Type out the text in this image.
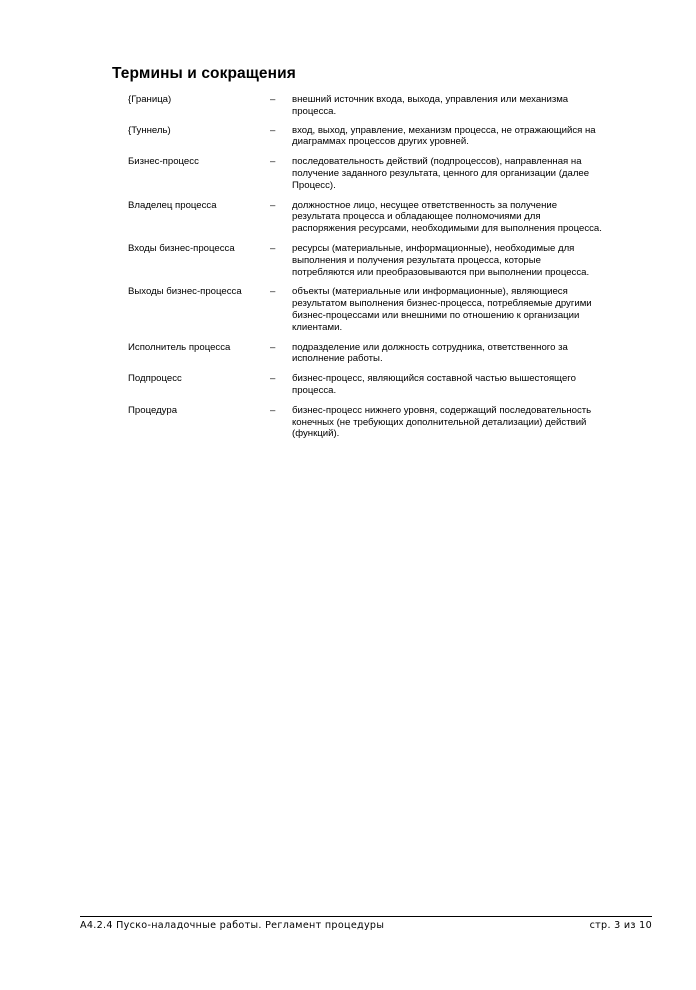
Термины и сокращения
{Граница)	–	внешний источник входа, выхода, управления или механизма
процесса.
{Туннель)	–	вход, выход, управление, механизм процесса, не отражающийся на
диаграммах процессов других уровней.
Бизнес-процесс	–	последовательность действий (подпроцессов), направленная на
получение заданного результата, ценного для организации (далее
Процесс).
Владелец процесса	–	должностное лицо, несущее ответственность за получение
результата процесса и обладающее полномочиями для
распоряжения ресурсами, необходимыми для выполнения процесса.
Входы бизнес-процесса	–	ресурсы (материальные, информационные), необходимые для
выполнения и получения результата процесса, которые
потребляются или преобразовываются при выполнении процесса.
Выходы бизнес-процесса	–	объекты (материальные или информационные), являющиеся
результатом выполнения бизнес-процесса, потребляемые другими
бизнес-процессами или внешними по отношению к организации
клиентами.
Исполнитель процесса	–	подразделение или должность сотрудника, ответственного за
исполнение работы.
Подпроцесс	–	бизнес-процесс, являющийся составной частью вышестоящего
процесса.
Процедура	–	бизнес-процесс нижнего уровня, содержащий последовательность
конечных (не требующих дополнительной детализации) действий
(функций).
А4.2.4 Пуско-наладочные работы. Регламент процедуры	стр. 3 из 10
